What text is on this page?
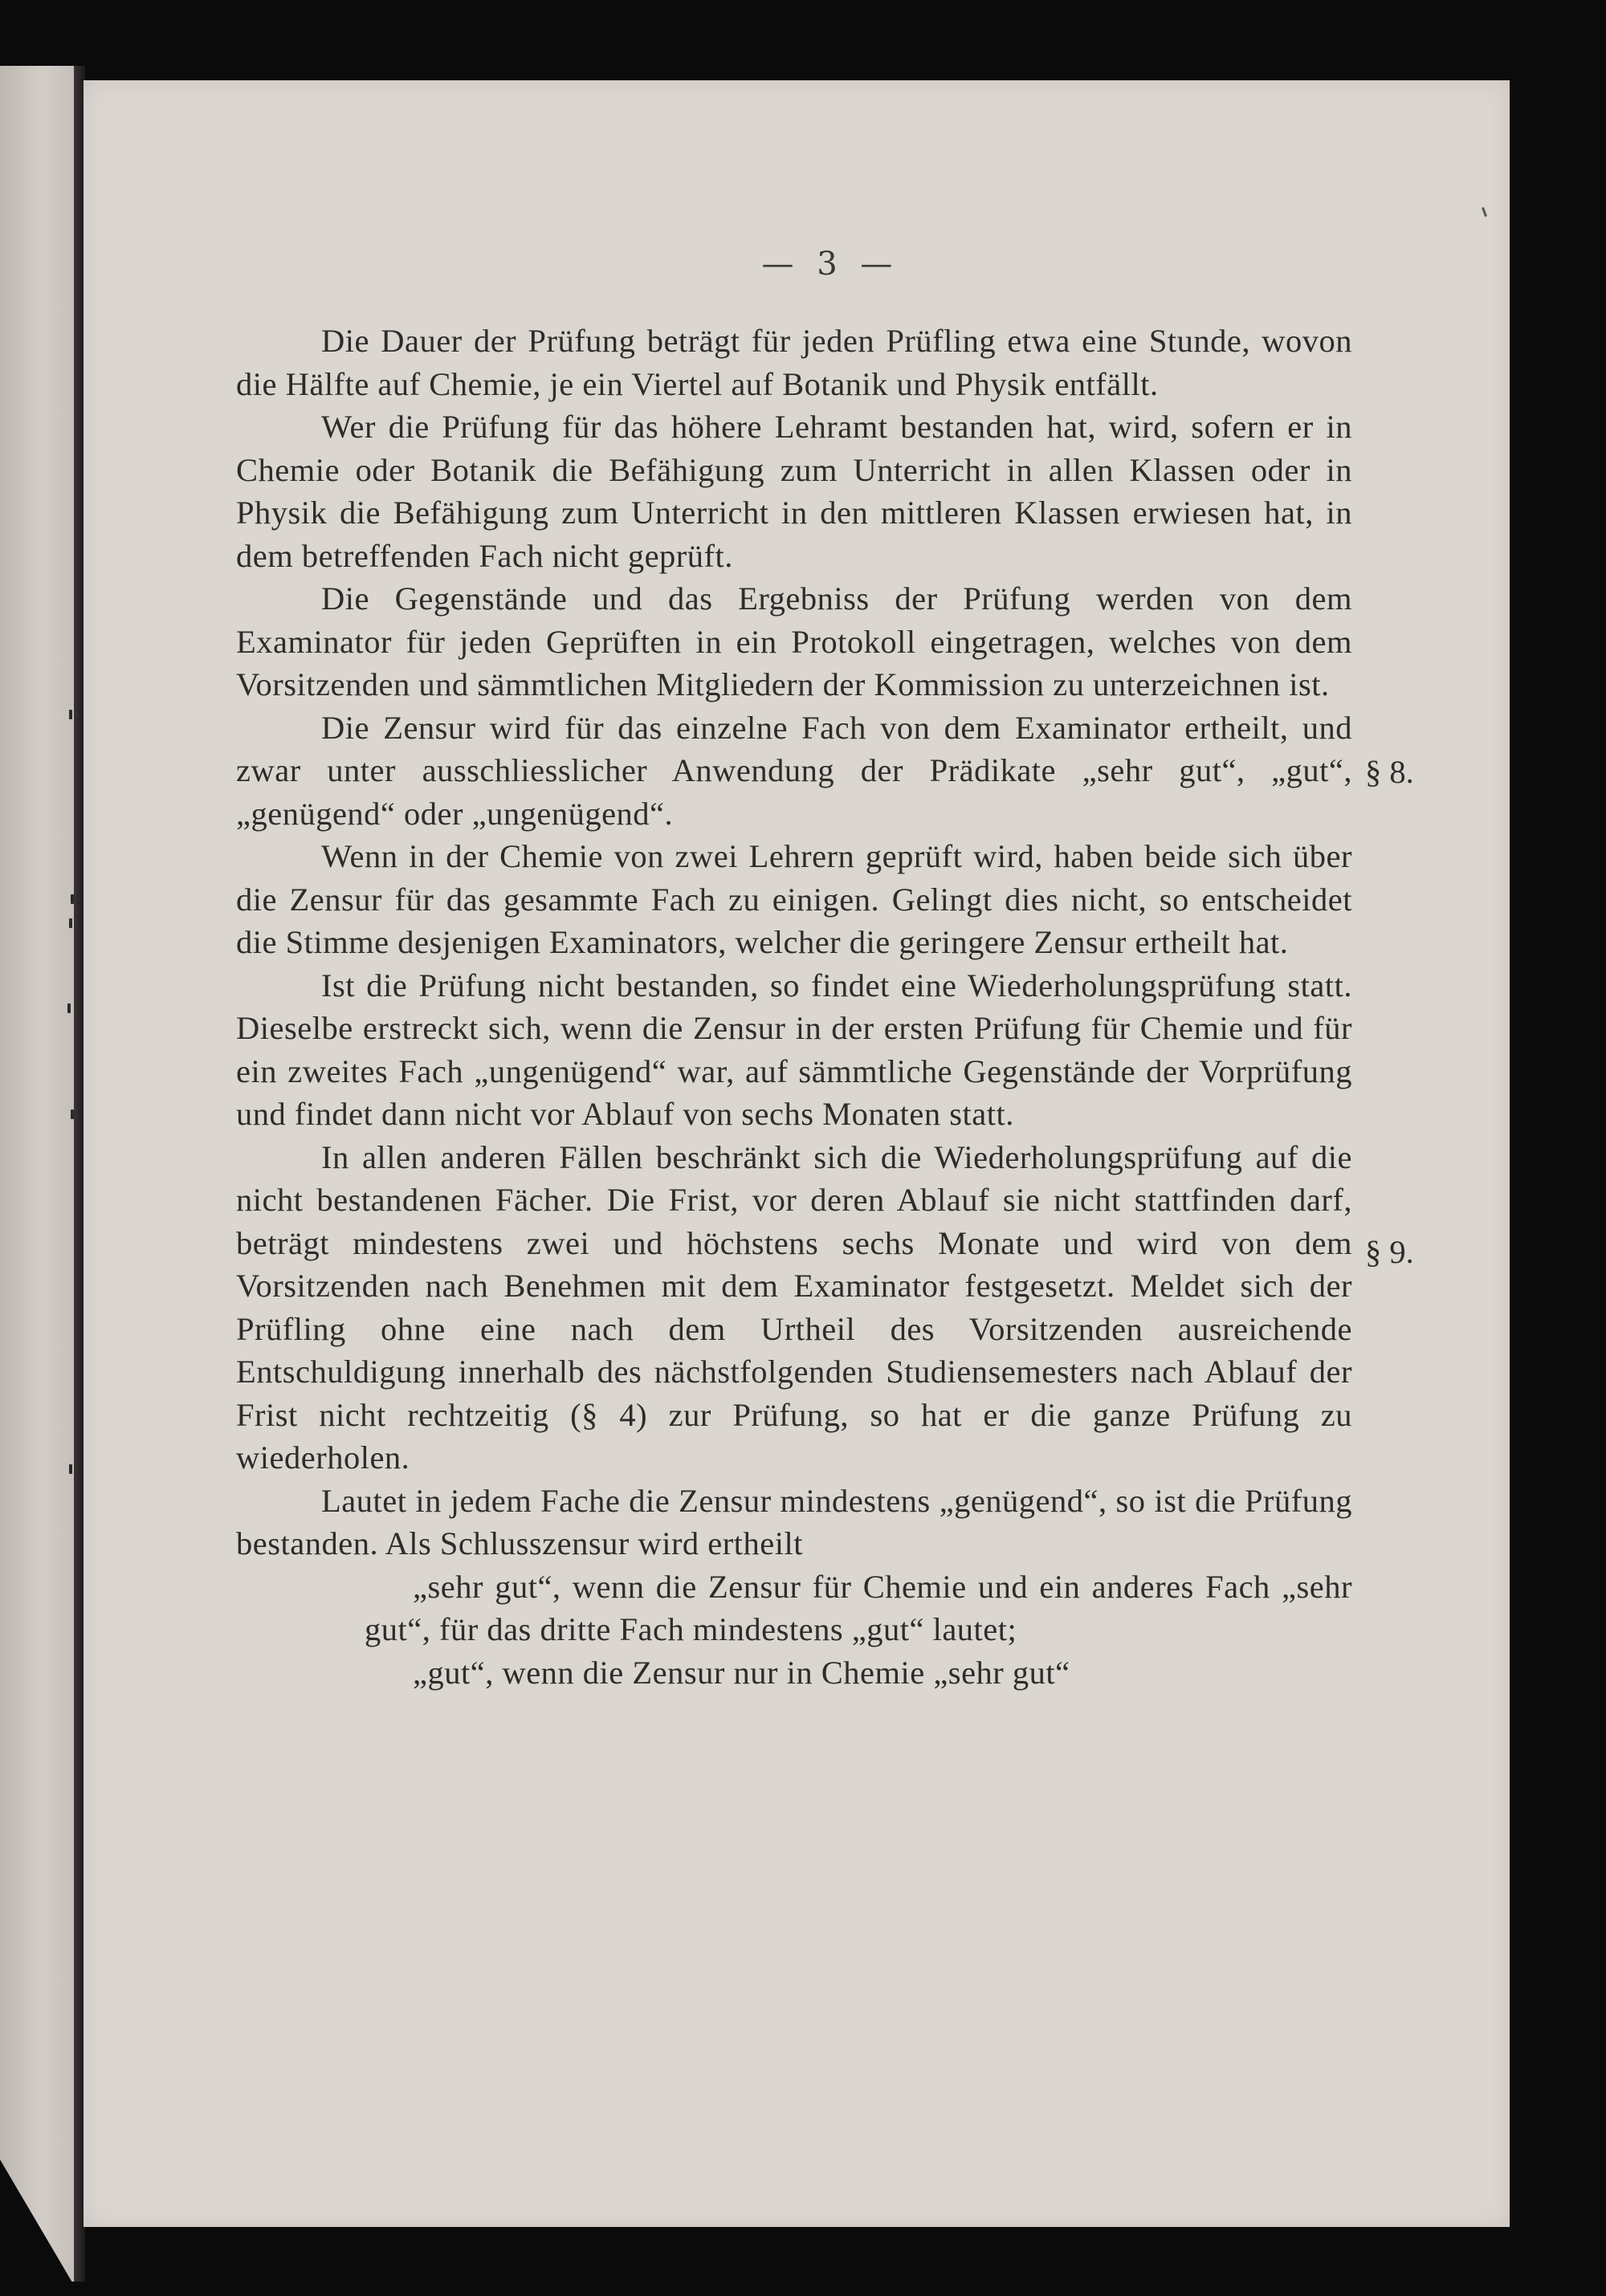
— 3 —
§ 8.
§ 9.

Die Dauer der Prüfung beträgt für jeden Prüfling etwa eine Stunde, wovon die Hälfte auf Chemie, je ein Viertel auf Botanik und Physik entfällt.

Wer die Prüfung für das höhere Lehramt bestanden hat, wird, sofern er in Chemie oder Botanik die Befähigung zum Unterricht in allen Klassen oder in Physik die Befähigung zum Unterricht in den mittleren Klassen erwiesen hat, in dem betreffenden Fach nicht geprüft.

Die Gegenstände und das Ergebniss der Prüfung werden von dem Examinator für jeden Geprüften in ein Protokoll eingetragen, welches von dem Vorsitzenden und sämmtlichen Mitgliedern der Kommission zu unterzeichnen ist.

Die Zensur wird für das einzelne Fach von dem Examinator ertheilt, und zwar unter ausschliesslicher Anwendung der Prädikate „sehr gut“, „gut“, „genügend“ oder „ungenügend“.

Wenn in der Chemie von zwei Lehrern geprüft wird, haben beide sich über die Zensur für das gesammte Fach zu einigen. Gelingt dies nicht, so entscheidet die Stimme desjenigen Examinators, welcher die geringere Zensur ertheilt hat.

Ist die Prüfung nicht bestanden, so findet eine Wiederholungsprüfung statt. Dieselbe erstreckt sich, wenn die Zensur in der ersten Prüfung für Chemie und für ein zweites Fach „ungenügend“ war, auf sämmtliche Gegenstände der Vorprüfung und findet dann nicht vor Ablauf von sechs Monaten statt.

In allen anderen Fällen beschränkt sich die Wiederholungsprüfung auf die nicht bestandenen Fächer. Die Frist, vor deren Ablauf sie nicht stattfinden darf, beträgt mindestens zwei und höchstens sechs Monate und wird von dem Vorsitzenden nach Benehmen mit dem Examinator festgesetzt. Meldet sich der Prüfling ohne eine nach dem Urtheil des Vorsitzenden ausreichende Entschuldigung innerhalb des nächstfolgenden Studiensemesters nach Ablauf der Frist nicht rechtzeitig (§ 4) zur Prüfung, so hat er die ganze Prüfung zu wiederholen.

Lautet in jedem Fache die Zensur mindestens „genügend“, so ist die Prüfung bestanden. Als Schlusszensur wird ertheilt

„sehr gut“, wenn die Zensur für Chemie und ein anderes Fach „sehr gut“, für das dritte Fach mindestens „gut“ lautet;

„gut“, wenn die Zensur nur in Chemie „sehr gut“
